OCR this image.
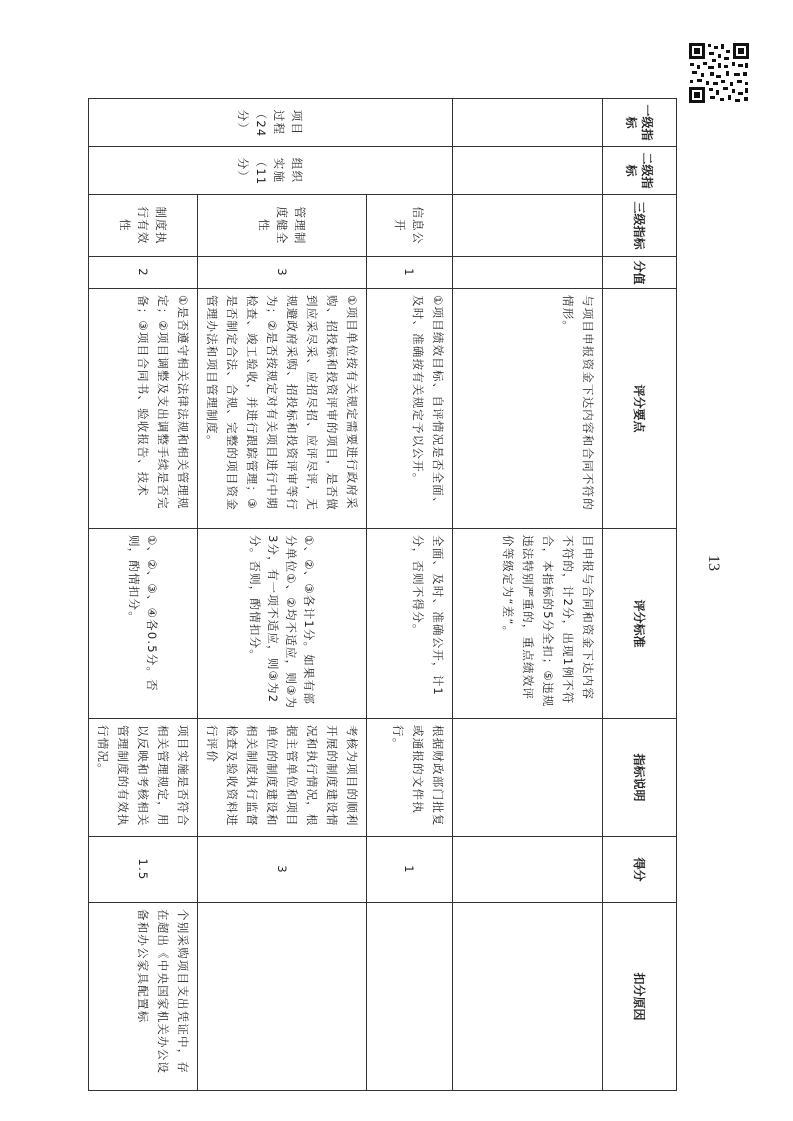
一级指标	二级指标	三级指标	分值	评分要点	评分标准	指标说明	得分	扣分原因
				与项目申报资金下达内容和合同不符的情形。	目申报与合同和资金下达内容不符的，计2分，出现1例不符合，本指标的5分全扣；⑤违规违法特别严重的，重点绩效评价等级定为“差”。			
项目过程（24分）	组织实施（11分）	信息公开	1	①项目绩效目标、自评情况是否全面、及时、准确按有关规定予以公开。	全面、及时、准确公开，计1分，否则不得分。	根据财政部门批复或通报的文件执行。	1	
		管理制度健全性	3	①项目单位按有关规定需要进行政府采购、招投标和投资评审的项目，是否做到应采尽采、应招尽招、应评尽评，无规避政府采购、招投标和投资评审等行为；②是否按规定对有关项目进行中期检查、竣工验收，并进行跟踪管理；③是否制定合法、合规、完整的项目资金管理办法和项目管理制度。	①、②、③各计1分。如果有部分单位①、②均不适应，则③为3分，有一项不适应，则③为2分。否则，酌情扣分。	考核为项目的顺利开展的制度建设情况和执行情况，根据主管单位和项目单位的制度建设和相关制度执行监督检查及验收资料进行评价	3	
		制度执行有效性	2	①是否遵守相关法律法规和相关管理规定；②项目调整及支出调整手续是否完备；③项目合同书、验收报告、技术	①、②、③、④各0.5分。否则，酌情扣分。	项目实施是否符合相关管理规定，用以反映和考核相关管理制度的有效执行情况。	1.5	个别采购项目支出凭证中，存在超出《中央国家机关办公设备和办公家具配置标
13
